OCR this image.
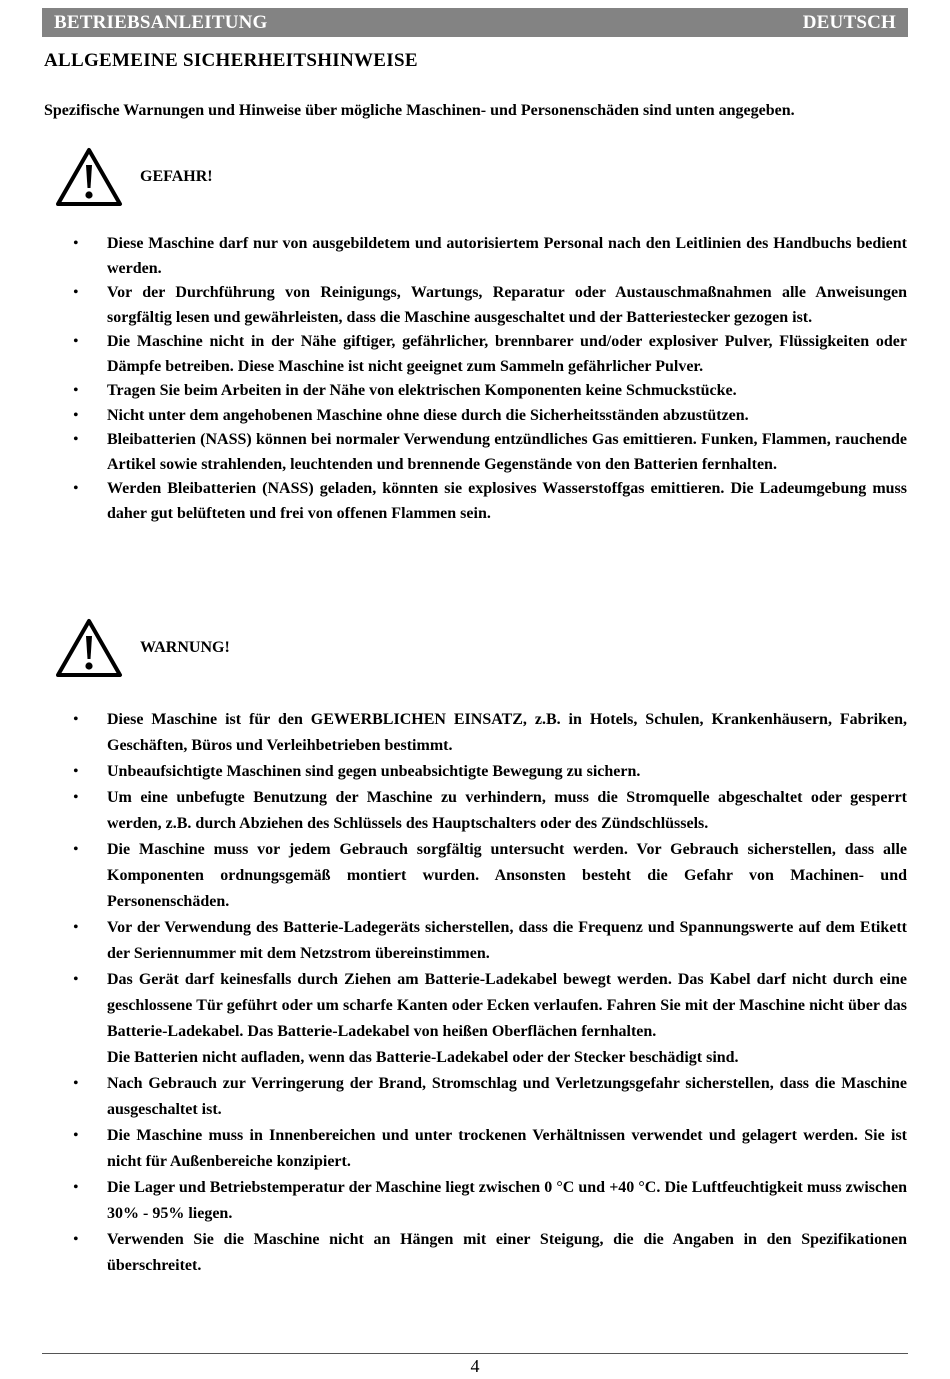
BETRIEBSANLEITUNG	DEUTSCH
ALLGEMEINE SICHERHEITSHINWEISE
Spezifische Warnungen und Hinweise über mögliche Maschinen- und Personenschäden sind unten angegeben.
GEFAHR!
• Diese Maschine darf nur von ausgebildetem und autorisiertem Personal nach den Leitlinien des Handbuchs bedient werden.
• Vor der Durchführung von Reinigungs, Wartungs, Reparatur oder Austauschmaßnahmen alle Anweisungen sorgfältig lesen und gewährleisten, dass die Maschine ausgeschaltet und der Batteriestecker gezogen ist.
• Die Maschine nicht in der Nähe giftiger, gefährlicher, brennbarer und/oder explosiver Pulver, Flüssigkeiten oder Dämpfe betreiben. Diese Maschine ist nicht geeignet zum Sammeln gefährlicher Pulver.
• Tragen Sie beim Arbeiten in der Nähe von elektrischen Komponenten keine Schmuckstücke.
• Nicht unter dem angehobenen Maschine ohne diese durch die Sicherheitsständen abzustützen.
• Bleibatterien (NASS) können bei normaler Verwendung entzündliches Gas emittieren. Funken, Flammen, rauchende Artikel sowie strahlenden, leuchtenden und brennende Gegenstände von den Batterien fernhalten.
• Werden Bleibatterien (NASS) geladen, könnten sie explosives Wasserstoffgas emittieren. Die Ladeumgebung muss daher gut belüfteten und frei von offenen Flammen sein.
WARNUNG!
• Diese Maschine ist für den GEWERBLICHEN EINSATZ, z.B. in Hotels, Schulen, Krankenhäusern, Fabriken, Geschäften, Büros und Verleihbetrieben bestimmt.
• Unbeaufsichtigte Maschinen sind gegen unbeabsichtigte Bewegung zu sichern.
• Um eine unbefugte Benutzung der Maschine zu verhindern, muss die Stromquelle abgeschaltet oder gesperrt werden, z.B. durch Abziehen des Schlüssels des Hauptschalters oder des Zündschlüssels.
• Die Maschine muss vor jedem Gebrauch sorgfältig untersucht werden. Vor Gebrauch sicherstellen, dass alle Komponenten ordnungsgemäß montiert wurden. Ansonsten besteht die Gefahr von Machinen- und Personenschäden.
• Vor der Verwendung des Batterie-Ladegeräts sicherstellen, dass die Frequenz und Spannungswerte auf dem Etikett der Seriennummer mit dem Netzstrom übereinstimmen.
• Das Gerät darf keinesfalls durch Ziehen am Batterie-Ladekabel bewegt werden. Das Kabel darf nicht durch eine geschlossene Tür geführt oder um scharfe Kanten oder Ecken verlaufen. Fahren Sie mit der Maschine nicht über das Batterie-Ladekabel. Das Batterie-Ladekabel von heißen Oberflächen fernhalten.
Die Batterien nicht aufladen, wenn das Batterie-Ladekabel oder der Stecker beschädigt sind.
• Nach Gebrauch zur Verringerung der Brand, Stromschlag und Verletzungsgefahr sicherstellen, dass die Maschine ausgeschaltet ist.
• Die Maschine muss in Innenbereichen und unter trockenen Verhältnissen verwendet und gelagert werden. Sie ist nicht für Außenbereiche konzipiert.
• Die Lager und Betriebstemperatur der Maschine liegt zwischen 0 °C und +40 °C. Die Luftfeuchtigkeit muss zwischen 30% - 95% liegen.
• Verwenden Sie die Maschine nicht an Hängen mit einer Steigung, die die Angaben in den Spezifikationen überschreitet.
4
